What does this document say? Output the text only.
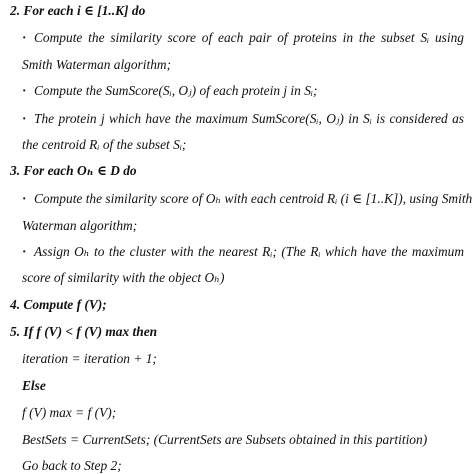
2. For each i ∈ [1..K] do
· Compute the similarity score of each pair of proteins in the subset Sᵢ using
Smith Waterman algorithm;
· Compute the SumScore(Sᵢ, Oⱼ) of each protein j in Sᵢ;
· The protein j which have the maximum SumScore(Sᵢ, Oⱼ) in Sᵢ is considered as
the centroid Rᵢ of the subset Sᵢ;
3. For each Oₕ ∈ D do
· Compute the similarity score of Oₕ with each centroid Rᵢ (i ∈ [1..K]), using Smith
Waterman algorithm;
· Assign Oₕ to the cluster with the nearest Rᵢ; (The Rᵢ which have the maximum
score of similarity with the object Oₕ)
4. Compute f (V);
5. If f (V) < f (V) max then
iteration = iteration + 1;
Else
f (V) max = f (V);
BestSets = CurrentSets; (CurrentSets are Subsets obtained in this partition)
Go back to Step 2;
